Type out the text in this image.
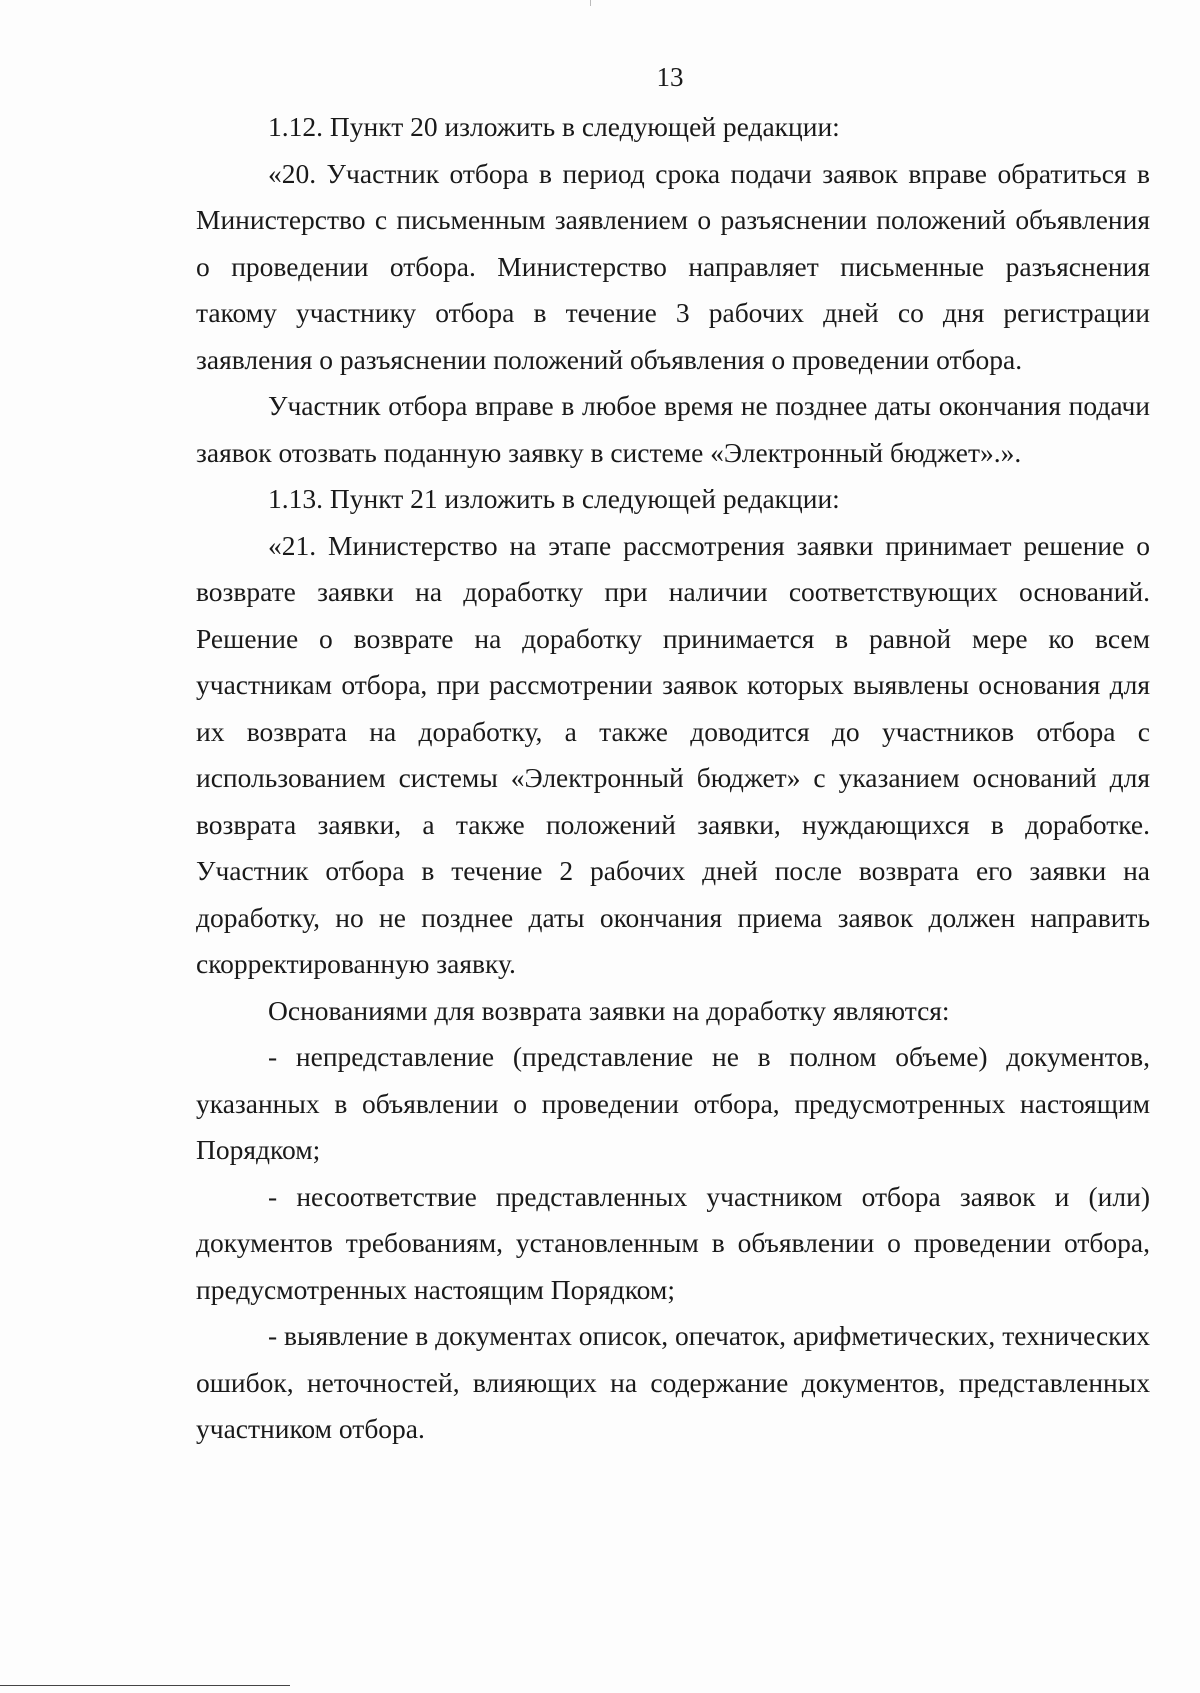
13

1.12. Пункт 20 изложить в следующей редакции:

«20. Участник отбора в период срока подачи заявок вправе обратиться в Министерство с письменным заявлением о разъяснении положений объявления о проведении отбора. Министерство направляет письменные разъяснения такому участнику отбора в течение 3 рабочих дней со дня регистрации заявления о разъяснении положений объявления о проведении отбора.

Участник отбора вправе в любое время не позднее даты окончания подачи заявок отозвать поданную заявку в системе «Электронный бюджет».».

1.13. Пункт 21 изложить в следующей редакции:

«21. Министерство на этапе рассмотрения заявки принимает решение о возврате заявки на доработку при наличии соответствующих оснований. Решение о возврате на доработку принимается в равной мере ко всем участникам отбора, при рассмотрении заявок которых выявлены основания для их возврата на доработку, а также доводится до участников отбора с использованием системы «Электронный бюджет» с указанием оснований для возврата заявки, а также положений заявки, нуждающихся в доработке. Участник отбора в течение 2 рабочих дней после возврата его заявки на доработку, но не позднее даты окончания приема заявок должен направить скорректированную заявку.

Основаниями для возврата заявки на доработку являются:

- непредставление (представление не в полном объеме) документов, указанных в объявлении о проведении отбора, предусмотренных настоящим Порядком;

- несоответствие представленных участником отбора заявок и (или) документов требованиям, установленным в объявлении о проведении отбора, предусмотренных настоящим Порядком;

- выявление в документах описок, опечаток, арифметических, технических ошибок, неточностей, влияющих на содержание документов, представленных участником отбора.
